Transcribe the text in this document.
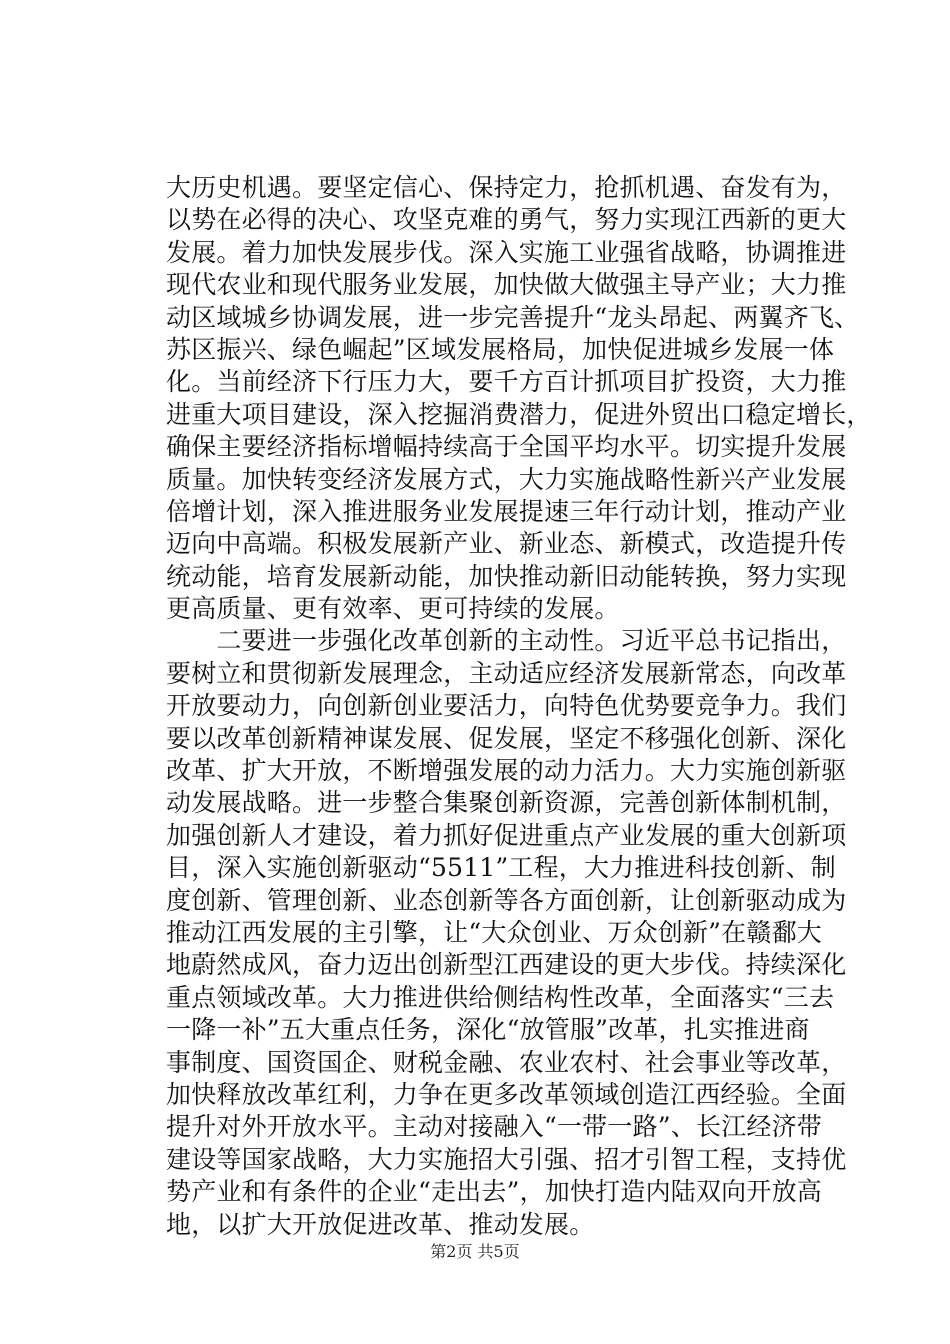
大历史机遇。要坚定信心、保持定力，抢抓机遇、奋发有为，
以势在必得的决心、攻坚克难的勇气，努力实现江西新的更大
发展。着力加快发展步伐。深入实施工业强省战略，协调推进
现代农业和现代服务业发展，加快做大做强主导产业；大力推
动区域城乡协调发展，进一步完善提升“龙头昂起、两翼齐飞、
苏区振兴、绿色崛起”区域发展格局，加快促进城乡发展一体
化。当前经济下行压力大，要千方百计抓项目扩投资，大力推
进重大项目建设，深入挖掘消费潜力，促进外贸出口稳定增长，
确保主要经济指标增幅持续高于全国平均水平。切实提升发展
质量。加快转变经济发展方式，大力实施战略性新兴产业发展
倍增计划，深入推进服务业发展提速三年行动计划，推动产业
迈向中高端。积极发展新产业、新业态、新模式，改造提升传
统动能，培育发展新动能，加快推动新旧动能转换，努力实现
更高质量、更有效率、更可持续的发展。
　　二要进一步强化改革创新的主动性。习近平总书记指出，
要树立和贯彻新发展理念，主动适应经济发展新常态，向改革
开放要动力，向创新创业要活力，向特色优势要竞争力。我们
要以改革创新精神谋发展、促发展，坚定不移强化创新、深化
改革、扩大开放，不断增强发展的动力活力。大力实施创新驱
动发展战略。进一步整合集聚创新资源，完善创新体制机制，
加强创新人才建设，着力抓好促进重点产业发展的重大创新项
目，深入实施创新驱动“5511”工程，大力推进科技创新、制
度创新、管理创新、业态创新等各方面创新，让创新驱动成为
推动江西发展的主引擎，让“大众创业、万众创新”在赣鄱大
地蔚然成风，奋力迈出创新型江西建设的更大步伐。持续深化
重点领域改革。大力推进供给侧结构性改革，全面落实“三去
一降一补”五大重点任务，深化“放管服”改革，扎实推进商
事制度、国资国企、财税金融、农业农村、社会事业等改革，
加快释放改革红利，力争在更多改革领域创造江西经验。全面
提升对外开放水平。主动对接融入“一带一路”、长江经济带
建设等国家战略，大力实施招大引强、招才引智工程，支持优
势产业和有条件的企业“走出去”，加快打造内陆双向开放高
地，以扩大开放促进改革、推动发展。
第2页 共5页
